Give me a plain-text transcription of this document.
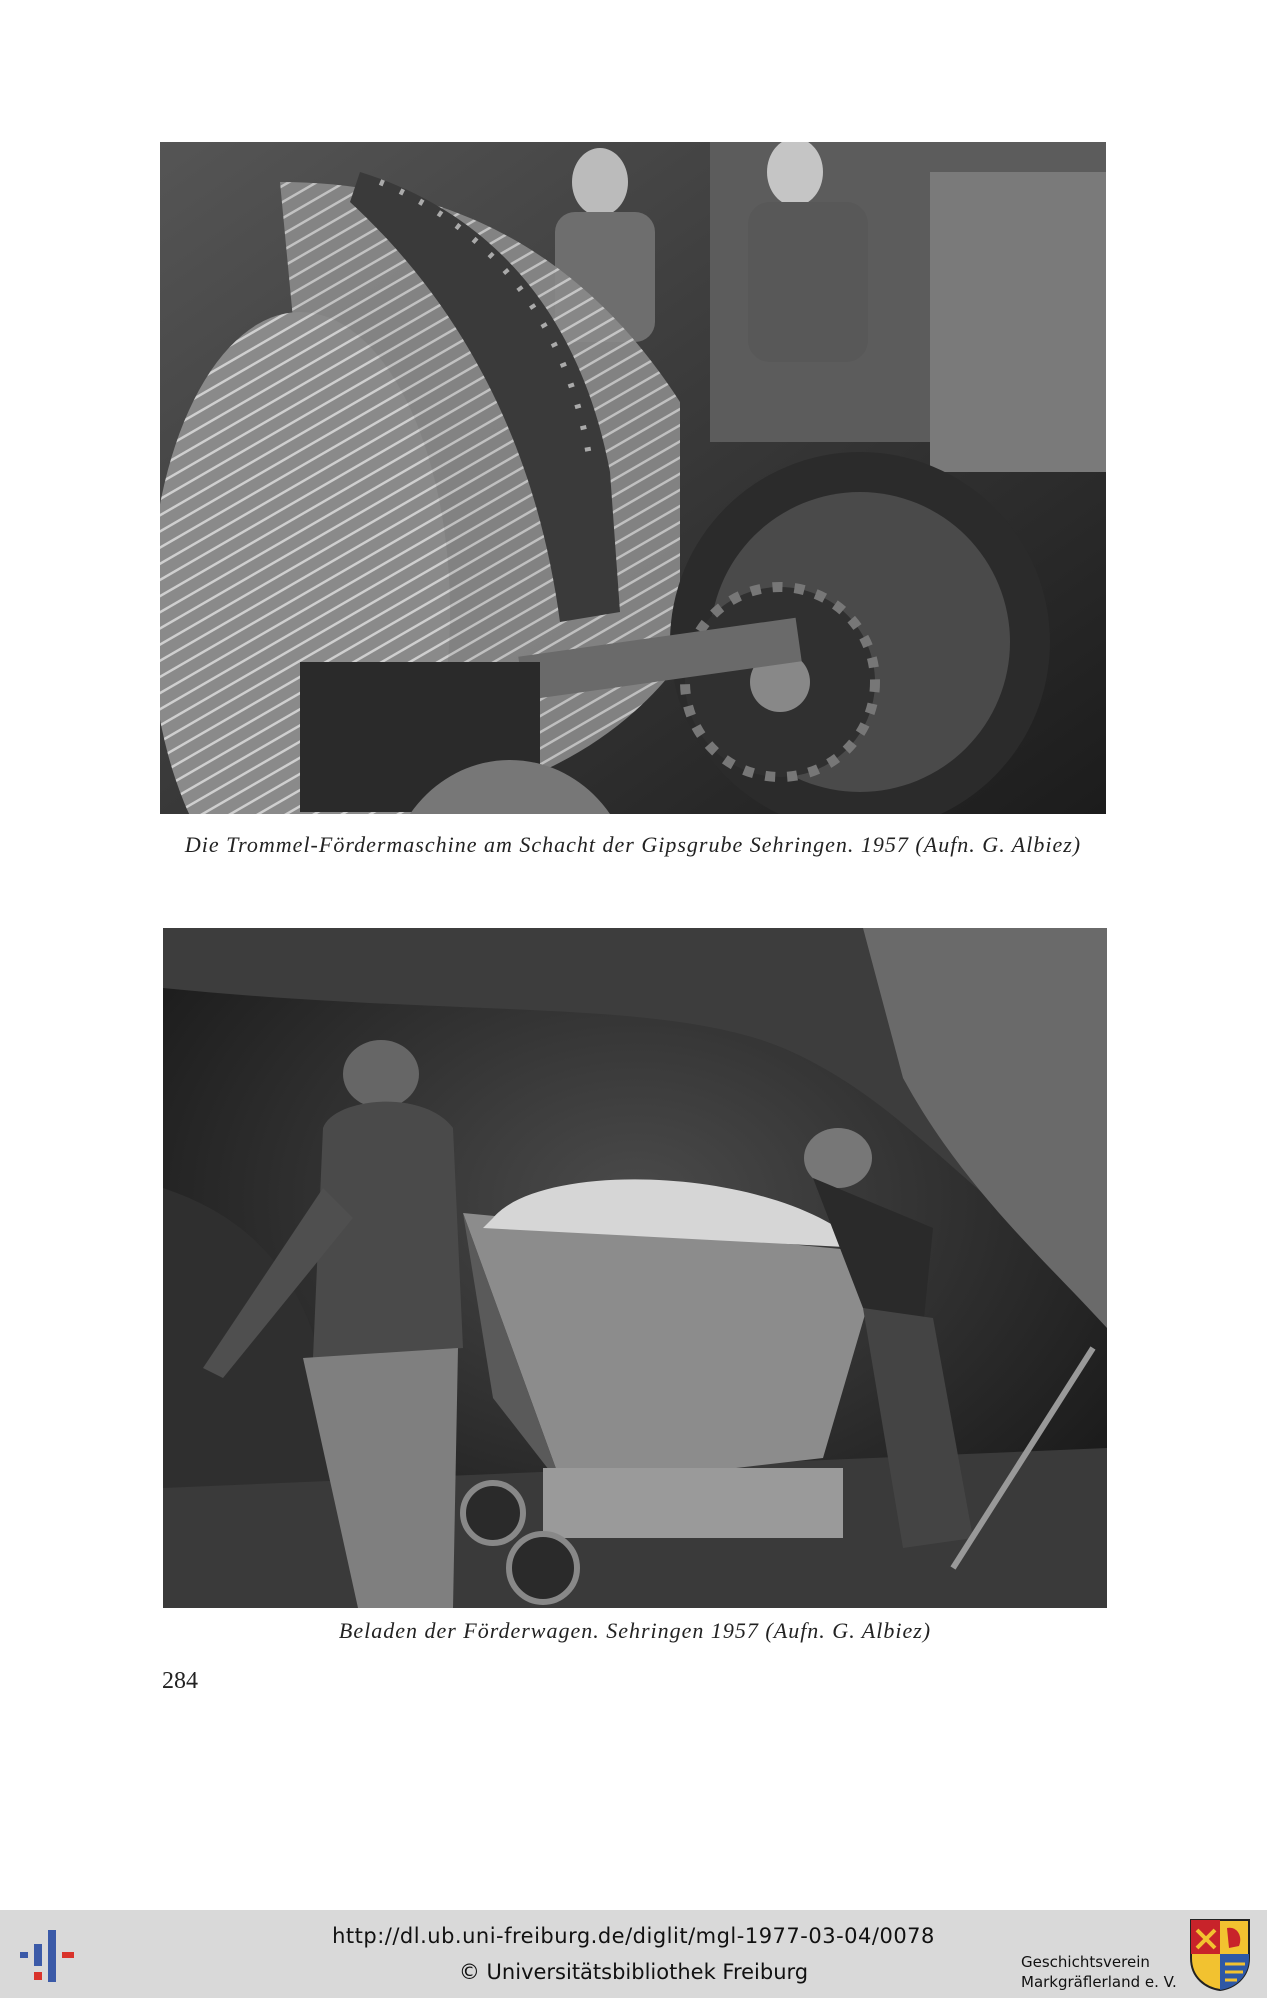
Die Trommel-Fördermaschine am Schacht der Gipsgrube Sehringen. 1957 (Aufn. G. Albiez)
Beladen der Förderwagen. Sehringen 1957 (Aufn. G. Albiez)
284
http://dl.ub.uni-freiburg.de/diglit/mgl-1977-03-04/0078
© Universitätsbibliothek Freiburg	Geschichtsverein
Markgräflerland e. V.
